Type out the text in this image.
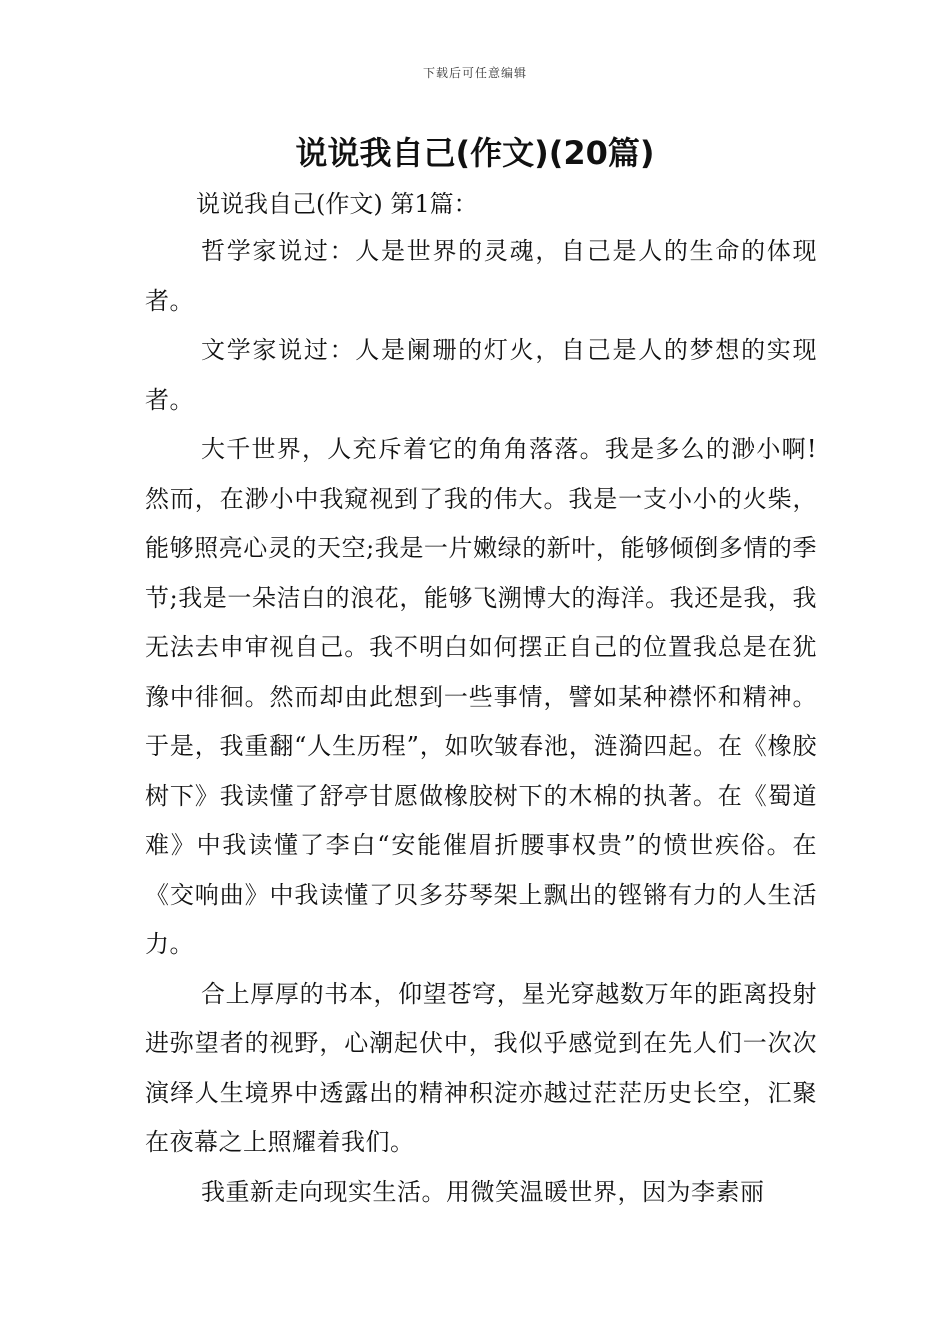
下载后可任意编辑
说说我自己(作文)(20篇)

说说我自己(作文) 第1篇：

哲学家说过：人是世界的灵魂，自己是人的生命的体现者。

文学家说过：人是阑珊的灯火，自己是人的梦想的实现者。

大千世界，人充斥着它的角角落落。我是多么的渺小啊!然而，在渺小中我窥视到了我的伟大。我是一支小小的火柴，能够照亮心灵的天空;我是一片嫩绿的新叶，能够倾倒多情的季节;我是一朵洁白的浪花，能够飞溯博大的海洋。我还是我，我无法去申审视自己。我不明白如何摆正自己的位置我总是在犹豫中徘徊。然而却由此想到一些事情，譬如某种襟怀和精神。于是，我重翻“人生历程”，如吹皱春池，涟漪四起。在《橡胶树下》我读懂了舒亭甘愿做橡胶树下的木棉的执著。在《蜀道难》中我读懂了李白“安能催眉折腰事权贵”的愤世疾俗。在《交响曲》中我读懂了贝多芬琴架上飘出的铿锵有力的人生活力。

合上厚厚的书本，仰望苍穹，星光穿越数万年的距离投射进弥望者的视野，心潮起伏中，我似乎感觉到在先人们一次次演绎人生境界中透露出的精神积淀亦越过茫茫历史长空，汇聚在夜幕之上照耀着我们。

我重新走向现实生活。用微笑温暖世界，因为李素丽
